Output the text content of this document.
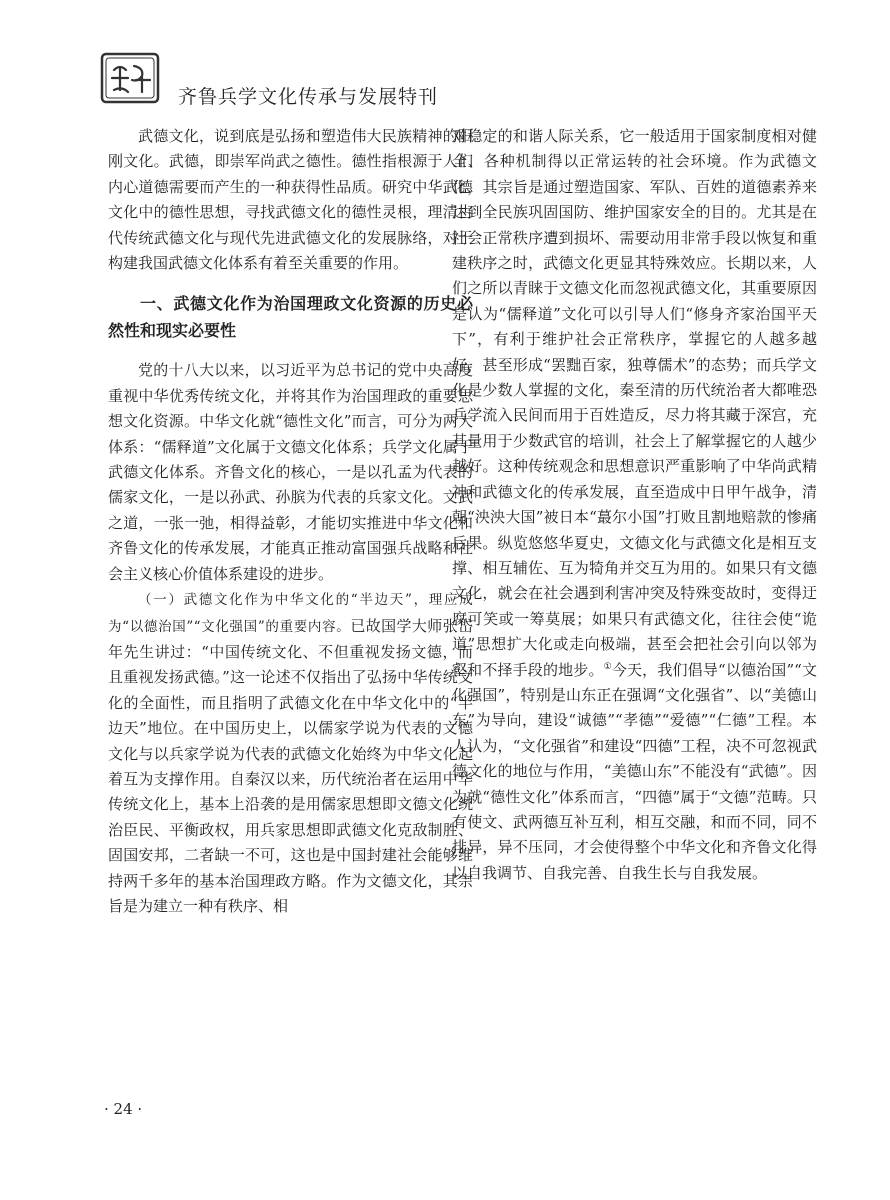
齐鲁兵学文化传承与发展特刊

武德文化，说到底是弘扬和塑造伟大民族精神的阳刚文化。武德，即崇军尚武之德性。德性指根源于人们内心道德需要而产生的一种获得性品质。研究中华武德文化中的德性思想，寻找武德文化的德性灵根，理清古代传统武德文化与现代先进武德文化的发展脉络，对于构建我国武德文化体系有着至关重要的作用。

一、武德文化作为治国理政文化资源的历史必然性和现实必要性

党的十八大以来，以习近平为总书记的党中央高度重视中华优秀传统文化，并将其作为治国理政的重要思想文化资源。中华文化就“德性文化”而言，可分为两大体系：“儒释道”文化属于文德文化体系；兵学文化属于武德文化体系。齐鲁文化的核心，一是以孔孟为代表的儒家文化，一是以孙武、孙膑为代表的兵家文化。文武之道，一张一弛，相得益彰，才能切实推进中华文化和齐鲁文化的传承发展，才能真正推动富国强兵战略和社会主义核心价值体系建设的进步。

（一）武德文化作为中华文化的“半边天”，理应成为“以德治国”“文化强国”的重要内容。已故国学大师张岱年先生讲过：“中国传统文化、不但重视发扬文德，而且重视发扬武德。”这一论述不仅指出了弘扬中华传统文化的全面性，而且指明了武德文化在中华文化中的“半边天”地位。在中国历史上，以儒家学说为代表的文德文化与以兵家学说为代表的武德文化始终为中华文化起着互为支撑作用。自秦汉以来，历代统治者在运用中华传统文化上，基本上沿袭的是用儒家思想即文德文化统治臣民、平衡政权，用兵家思想即武德文化克敌制胜、固国安邦，二者缺一不可，这也是中国封建社会能够维持两千多年的基本治国理政方略。作为文德文化，其宗旨是为建立一种有秩序、相

对稳定的和谐人际关系，它一般适用于国家制度相对健全、各种机制得以正常运转的社会环境。作为武德文化，其宗旨是通过塑造国家、军队、百姓的道德素养来达到全民族巩固国防、维护国家安全的目的。尤其是在社会正常秩序遭到损坏、需要动用非常手段以恢复和重建秩序之时，武德文化更显其特殊效应。长期以来，人们之所以青睐于文德文化而忽视武德文化，其重要原因是认为“儒释道”文化可以引导人们“修身齐家治国平天下”，有利于维护社会正常秩序，掌握它的人越多越好，甚至形成“罢黜百家，独尊儒术”的态势；而兵学文化是少数人掌握的文化，秦至清的历代统治者大都唯恐兵学流入民间而用于百姓造反，尽力将其藏于深宫，充其量用于少数武官的培训，社会上了解掌握它的人越少越好。这种传统观念和思想意识严重影响了中华尚武精神和武德文化的传承发展，直至造成中日甲午战争，清朝“泱泱大国”被日本“蕞尔小国”打败且割地赔款的惨痛后果。纵览悠悠华夏史，文德文化与武德文化是相互支撑、相互辅佐、互为犄角并交互为用的。如果只有文德文化，就会在社会遇到利害冲突及特殊变故时，变得迂腐可笑或一筹莫展；如果只有武德文化，往往会使“诡道”思想扩大化或走向极端，甚至会把社会引向以邻为壑和不择手段的地步。①今天，我们倡导“以德治国”“文化强国”，特别是山东正在强调“文化强省”、以“美德山东”为导向，建设“诚德”“孝德”“爱德”“仁德”工程。本人认为，“文化强省”和建设“四德”工程，决不可忽视武德文化的地位与作用，“美德山东”不能没有“武德”。因为就“德性文化”体系而言，“四德”属于“文德”范畴。只有使文、武两德互补互利，相互交融，和而不同，同不排异，异不压同，才会使得整个中华文化和齐鲁文化得以自我调节、自我完善、自我生长与自我发展。

· 24 ·
